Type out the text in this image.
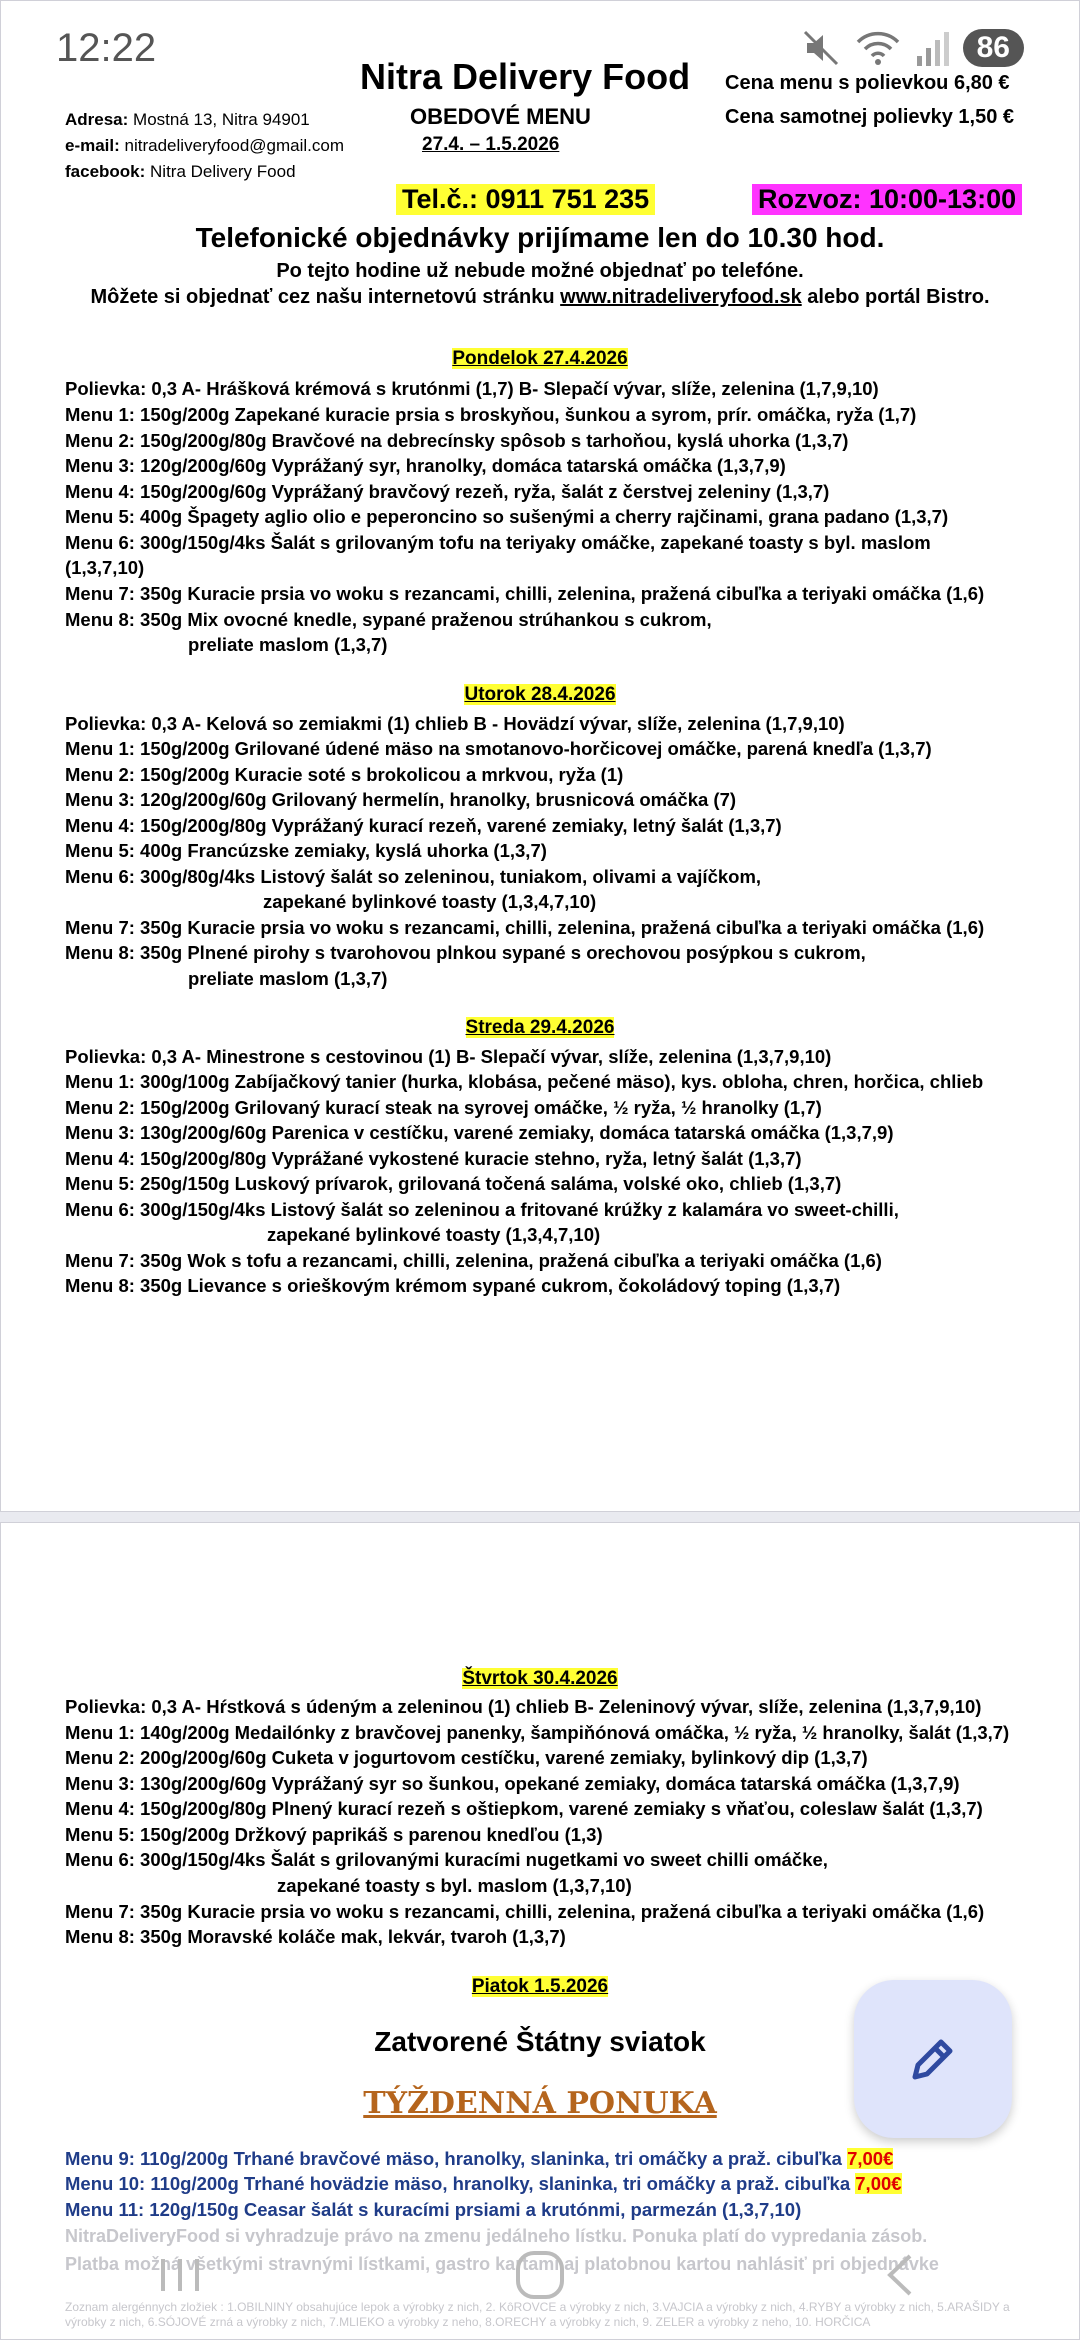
12:22	86
Nitra Delivery Food
OBEDOVÉ MENU
27.4. – 1.5.2026
Adresa: Mostná 13, Nitra 94901
e-mail: nitradeliveryfood@gmail.com
facebook: Nitra Delivery Food
Cena menu s polievkou 6,80 €
Cena samotnej polievky 1,50 €
Tel.č.: 0911 751 235	Rozvoz: 10:00-13:00
Telefonické objednávky prijímame len do 10.30 hod.
Po tejto hodine už nebude možné objednať po telefóne.
Môžete si objednať cez našu internetovú stránku www.nitradeliveryfood.sk alebo portál Bistro.
Pondelok 27.4.2026
Polievka: 0,3 A- Hrášková krémová s krutónmi (1,7) B- Slepačí vývar, slíže, zelenina (1,7,9,10)
Menu 1: 150g/200g Zapekané kuracie prsia s broskyňou, šunkou a syrom, prír. omáčka, ryža (1,7)
Menu 2: 150g/200g/80g Bravčové na debrecínsky spôsob s tarhoňou, kyslá uhorka (1,3,7)
Menu 3: 120g/200g/60g Vyprážaný syr, hranolky, domáca tatarská omáčka (1,3,7,9)
Menu 4: 150g/200g/60g Vyprážaný bravčový rezeň, ryža, šalát z čerstvej zeleniny (1,3,7)
Menu 5: 400g Špagety aglio olio e peperoncino so sušenými a cherry rajčinami, grana padano (1,3,7)
Menu 6: 300g/150g/4ks Šalát s grilovaným tofu na teriyaky omáčke, zapekané toasty s byl. maslom
(1,3,7,10)
Menu 7: 350g Kuracie prsia vo woku s rezancami, chilli, zelenina, pražená cibuľka a teriyaki omáčka (1,6)
Menu 8: 350g Mix ovocné knedle, sypané praženou strúhankou s cukrom,
preliate maslom (1,3,7)
Utorok 28.4.2026
Polievka: 0,3 A- Kelová so zemiakmi (1) chlieb B - Hovädzí vývar, slíže, zelenina (1,7,9,10)
Menu 1: 150g/200g Grilované údené mäso na smotanovo-horčicovej omáčke, parená knedľa (1,3,7)
Menu 2: 150g/200g Kuracie soté s brokolicou a mrkvou, ryža (1)
Menu 3: 120g/200g/60g Grilovaný hermelín, hranolky, brusnicová omáčka (7)
Menu 4: 150g/200g/80g Vyprážaný kurací rezeň, varené zemiaky, letný šalát (1,3,7)
Menu 5: 400g Francúzske zemiaky, kyslá uhorka (1,3,7)
Menu 6: 300g/80g/4ks Listový šalát so zeleninou, tuniakom, olivami a vajíčkom,
zapekané bylinkové toasty (1,3,4,7,10)
Menu 7: 350g Kuracie prsia vo woku s rezancami, chilli, zelenina, pražená cibuľka a teriyaki omáčka (1,6)
Menu 8: 350g Plnené pirohy s tvarohovou plnkou sypané s orechovou posýpkou s cukrom,
preliate maslom (1,3,7)
Streda 29.4.2026
Polievka: 0,3 A- Minestrone s cestovinou (1) B- Slepačí vývar, slíže, zelenina (1,3,7,9,10)
Menu 1: 300g/100g Zabíjačkový tanier (hurka, klobása, pečené mäso), kys. obloha, chren, horčica, chlieb
Menu 2: 150g/200g Grilovaný kurací steak na syrovej omáčke, ½ ryža, ½ hranolky (1,7)
Menu 3: 130g/200g/60g Parenica v cestíčku, varené zemiaky, domáca tatarská omáčka (1,3,7,9)
Menu 4: 150g/200g/80g Vyprážané vykostené kuracie stehno, ryža, letný šalát (1,3,7)
Menu 5: 250g/150g Luskový prívarok, grilovaná točená saláma, volské oko, chlieb (1,3,7)
Menu 6: 300g/150g/4ks Listový šalát so zeleninou a fritované krúžky z kalamára vo sweet-chilli,
zapekané bylinkové toasty (1,3,4,7,10)
Menu 7: 350g Wok s tofu a rezancami, chilli, zelenina, pražená cibuľka a teriyaki omáčka (1,6)
Menu 8: 350g Lievance s orieškovým krémom sypané cukrom, čokoládový toping (1,3,7)
Štvrtok 30.4.2026
Polievka: 0,3 A- Hŕstková s údeným a zeleninou (1) chlieb B- Zeleninový vývar, slíže, zelenina (1,3,7,9,10)
Menu 1: 140g/200g Medailónky z bravčovej panenky, šampiňónová omáčka, ½ ryža, ½ hranolky, šalát (1,3,7)
Menu 2: 200g/200g/60g Cuketa v jogurtovom cestíčku, varené zemiaky, bylinkový dip (1,3,7)
Menu 3: 130g/200g/60g Vyprážaný syr so šunkou, opekané zemiaky, domáca tatarská omáčka (1,3,7,9)
Menu 4: 150g/200g/80g Plnený kurací rezeň s oštiepkom, varené zemiaky s vňaťou, coleslaw šalát (1,3,7)
Menu 5: 150g/200g Držkový paprikáš s parenou knedľou (1,3)
Menu 6: 300g/150g/4ks Šalát s grilovanými kuracími nugetkami vo sweet chilli omáčke,
zapekané toasty s byl. maslom (1,3,7,10)
Menu 7: 350g Kuracie prsia vo woku s rezancami, chilli, zelenina, pražená cibuľka a teriyaki omáčka (1,6)
Menu 8: 350g Moravské koláče mak, lekvár, tvaroh (1,3,7)
Piatok 1.5.2026
Zatvorené Štátny sviatok
TÝŽDENNÁ PONUKA
Menu 9: 110g/200g Trhané bravčové mäso, hranolky, slaninka, tri omáčky a praž. cibuľka 7,00€
Menu 10: 110g/200g Trhané hovädzie mäso, hranolky, slaninka, tri omáčky a praž. cibuľka 7,00€
Menu 11: 120g/150g Ceasar šalát s kuracími prsiami a krutónmi, parmezán (1,3,7,10)
NitraDeliveryFood si vyhradzuje právo na zmenu jedálneho lístku. Ponuka platí do vypredania zásob.
Platba možná všetkými stravnými lístkami, gastro kartami aj platobnou kartou nahlásiť pri objednávke
Zoznam alergénnych zložiek : 1.OBILNINY obsahujúce lepok a výrobky z nich, 2. KôROVCE a výrobky z nich, 3.VAJCIA a výrobky z nich, 4.RYBY a výrobky z nich, 5.ARAŠIDY a výrobky z nich, 6.SÓJOVÉ zrná a výrobky z nich, 7.MLIEKO a výrobky z neho, 8.ORECHY a výrobky z nich, 9. ZELER a výrobky z neho, 10. HORČICA
